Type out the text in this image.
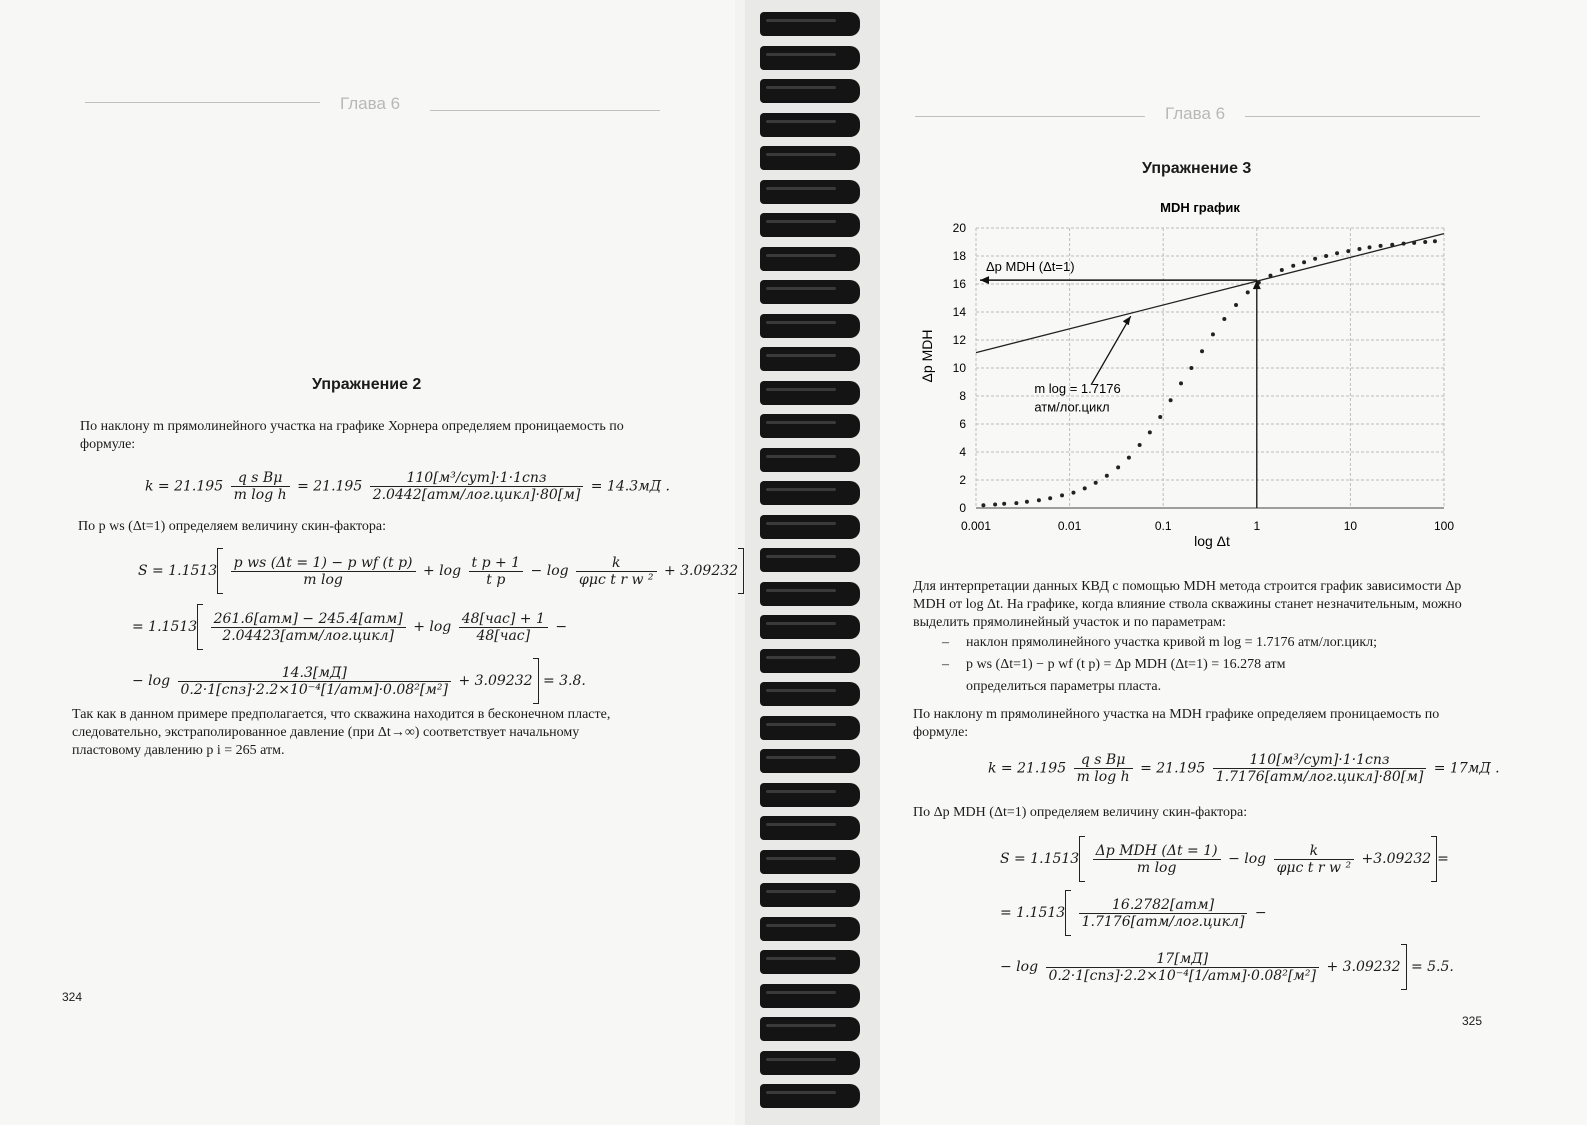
Глава 6
Упражнение 2
По наклону m прямолинейного участка на графике Хорнера определяем проницаемость по формуле:
$k = 21.195 \frac{\text{q s Bμ}}{\text{m log h}} = 21.195 \frac{\text{110[м³/сут]·1·1спз}}{\text{2.0442[атм/лог.цикл]·80[м]}} = 14.3мД$ .
По p ws (Δt=1) определяем величину скин-фактора:
$S = 1.1513 \frac{\text{p ws (Δt = 1) − p wf (t p)}}{\text{m log}} + \log \frac{\text{t p + 1}}{\text{t p}} - \log \frac{k}{\text{φμc t r w ²}} + 3.09232$
= $1.1513 \frac{\text{261.6[атм] − 245.4[атм]}}{\text{2.04423[атм/лог.цикл]}} + \log \frac{\text{48[час] + 1}}{\text{48[час]}}$ −
− $\log \frac{14.3[мД]}{\text{0.2·1[спз]·2.2×10⁻⁴[1/атм]·0.08²[м²]}} + 3.09232 = 3.8$.
Так как в данном примере предполагается, что скважина находится в бесконечном пласте, следовательно, экстраполированное давление (при Δt→∞) соответствует начальному пластовому давлению p i = 265 атм.
324
Глава 6
Упражнение 3
MDH график
0
2
4
6
8
10
12
14
16
18
20
0.001	0.01	0.1	1	10	100
Δp MDH (Δt=1)
m log = 1.7176
атм/лог.цикл
log Δt
Δp MDH
Для интерпретации данных КВД с помощью MDH метода строится график зависимости Δp MDH от log Δt. На графике, когда влияние ствола скважины станет незначительным, можно выделить прямолинейный участок и по параметрам:
– наклон прямолинейного участка кривой m log = 1.7176 атм/лог.цикл;
– p ws (Δt=1) − p wf (t p) = Δp MDH (Δt=1) = 16.278 атм
определиться параметры пласта.
По наклону m прямолинейного участка на MDH графике определяем проницаемость по формуле:
$k = 21.195 \frac{\text{q s Bμ}}{\text{m log h}} = 21.195 \frac{\text{110[м³/сут]·1·1спз}}{\text{1.7176[атм/лог.цикл]·80[м]}} = 17мД$ .
По Δp MDH (Δt=1) определяем величину скин-фактора:
$S = 1.1513 \frac{\text{Δp MDH (Δt = 1)}}{\text{m log}} - \log \frac{k}{\text{φμc t r w ²}} +3.09232$ =
= $1.1513 \frac{\text{16.2782[атм]}}{\text{1.7176[атм/лог.цикл]}}$ −
− $\log \frac{17[мД]}{\text{0.2·1[спз]·2.2×10⁻⁴[1/атм]·0.08²[м²]}} + 3.09232 = 5.5$.
325
